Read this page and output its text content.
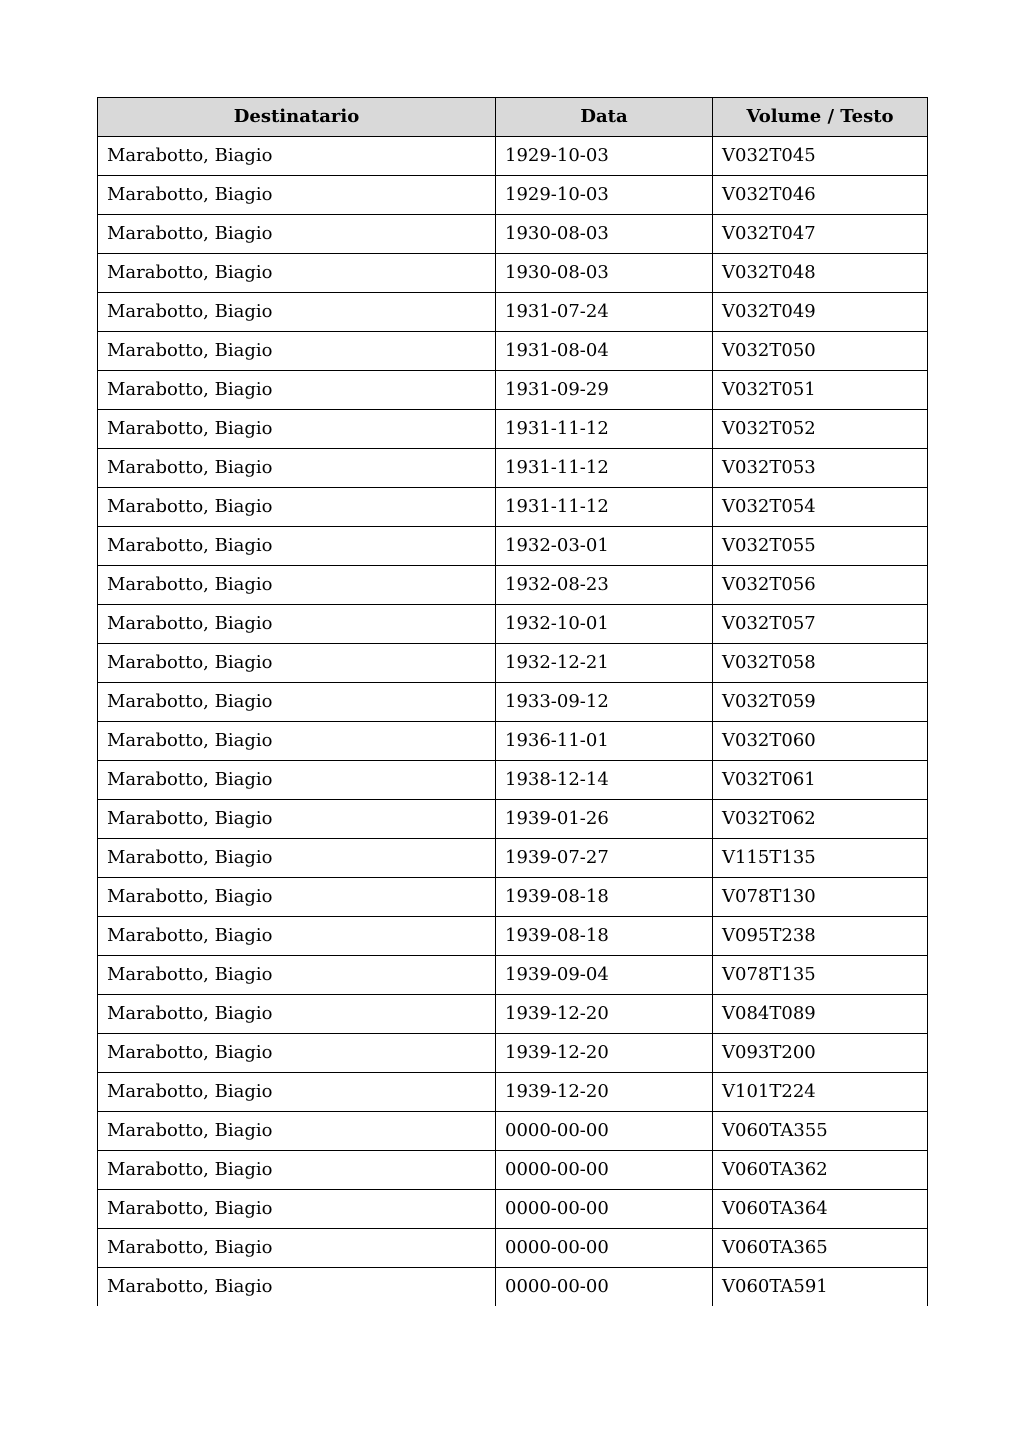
Destinatario	Data	Volume / Testo
Marabotto, Biagio	1929-10-03	V032T045
Marabotto, Biagio	1929-10-03	V032T046
Marabotto, Biagio	1930-08-03	V032T047
Marabotto, Biagio	1930-08-03	V032T048
Marabotto, Biagio	1931-07-24	V032T049
Marabotto, Biagio	1931-08-04	V032T050
Marabotto, Biagio	1931-09-29	V032T051
Marabotto, Biagio	1931-11-12	V032T052
Marabotto, Biagio	1931-11-12	V032T053
Marabotto, Biagio	1931-11-12	V032T054
Marabotto, Biagio	1932-03-01	V032T055
Marabotto, Biagio	1932-08-23	V032T056
Marabotto, Biagio	1932-10-01	V032T057
Marabotto, Biagio	1932-12-21	V032T058
Marabotto, Biagio	1933-09-12	V032T059
Marabotto, Biagio	1936-11-01	V032T060
Marabotto, Biagio	1938-12-14	V032T061
Marabotto, Biagio	1939-01-26	V032T062
Marabotto, Biagio	1939-07-27	V115T135
Marabotto, Biagio	1939-08-18	V078T130
Marabotto, Biagio	1939-08-18	V095T238
Marabotto, Biagio	1939-09-04	V078T135
Marabotto, Biagio	1939-12-20	V084T089
Marabotto, Biagio	1939-12-20	V093T200
Marabotto, Biagio	1939-12-20	V101T224
Marabotto, Biagio	0000-00-00	V060TA355
Marabotto, Biagio	0000-00-00	V060TA362
Marabotto, Biagio	0000-00-00	V060TA364
Marabotto, Biagio	0000-00-00	V060TA365
Marabotto, Biagio	0000-00-00	V060TA591
